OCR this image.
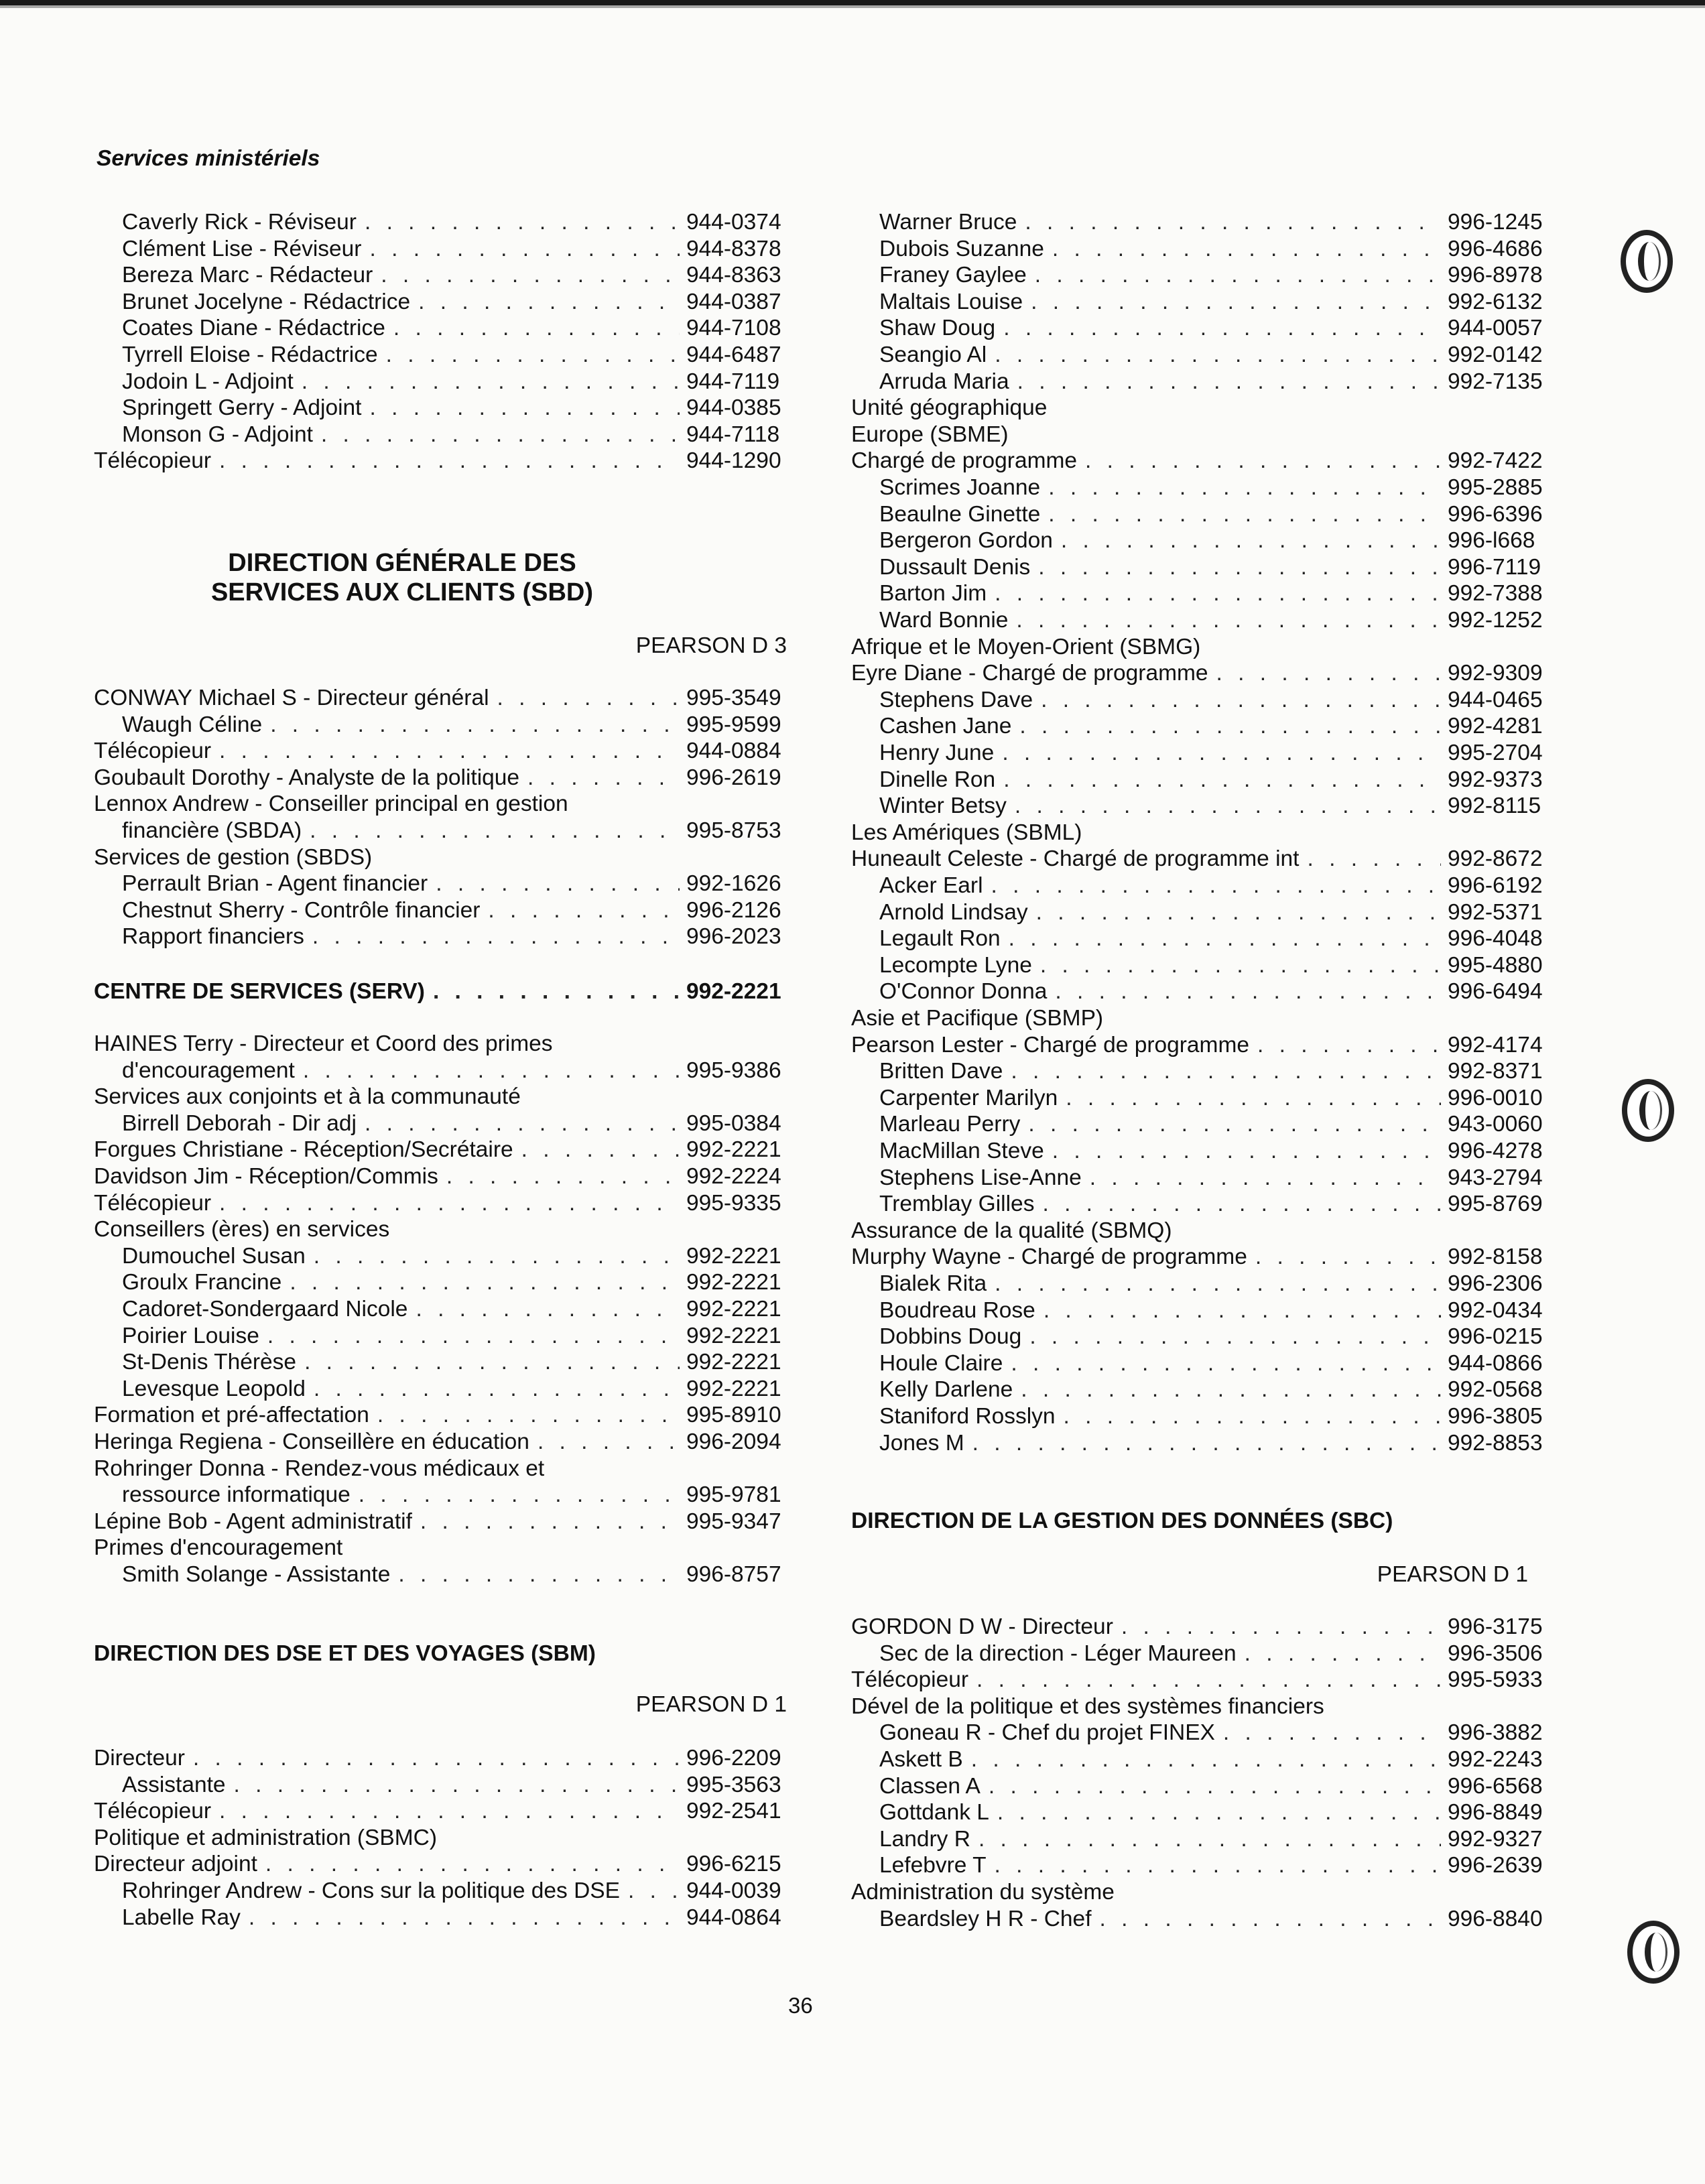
Services ministériels
Caverly Rick - Réviseur . . .	944-0374
Clément Lise - Réviseur . . .	944-8378
Bereza Marc - Rédacteur . . .	944-8363
Brunet Jocelyne - Rédactrice . . .	944-0387
Coates Diane - Rédactrice . . .	944-7108
Tyrrell Eloise - Rédactrice . . .	944-6487
Jodoin L - Adjoint . . .	944-7119
Springett Gerry - Adjoint . . .	944-0385
Monson G - Adjoint . . .	944-7118
Télécopieur . . .	944-1290
DIRECTION GÉNÉRALE DES
SERVICES AUX CLIENTS (SBD)
PEARSON D 3
CONWAY Michael S - Directeur général . . .	995-3549
Waugh Céline . . .	995-9599
Télécopieur . . .	944-0884
Goubault Dorothy - Analyste de la politique . . .	996-2619
Lennox Andrew - Conseiller principal en gestion
financière (SBDA) . . .	995-8753
Services de gestion (SBDS)
Perrault Brian - Agent financier . . .	992-1626
Chestnut Sherry - Contrôle financier . . .	996-2126
Rapport financiers . . .	996-2023
CENTRE DE SERVICES (SERV) . . .	992-2221
HAINES Terry - Directeur et Coord des primes
d'encouragement . . .	995-9386
Services aux conjoints et à la communauté
Birrell Deborah - Dir adj . . .	995-0384
Forgues Christiane - Réception/Secrétaire . . .	992-2221
Davidson Jim - Réception/Commis . . .	992-2224
Télécopieur . . .	995-9335
Conseillers (ères) en services
Dumouchel Susan . . .	992-2221
Groulx Francine . . .	992-2221
Cadoret-Sondergaard Nicole . . .	992-2221
Poirier Louise . . .	992-2221
St-Denis Thérèse . . .	992-2221
Levesque Leopold . . .	992-2221
Formation et pré-affectation . . .	995-8910
Heringa Regiena - Conseillère en éducation . . .	996-2094
Rohringer Donna - Rendez-vous médicaux et
ressource informatique . . .	995-9781
Lépine Bob - Agent administratif . . .	995-9347
Primes d'encouragement
Smith Solange - Assistante . . .	996-8757
DIRECTION DES DSE ET DES VOYAGES (SBM)
PEARSON D 1
Directeur . . .	996-2209
Assistante . . .	995-3563
Télécopieur . . .	992-2541
Politique et administration (SBMC)
Directeur adjoint . . .	996-6215
Rohringer Andrew - Cons sur la politique des DSE . . .	944-0039
Labelle Ray . . .	944-0864
Warner Bruce . . .	996-1245
Dubois Suzanne . . .	996-4686
Franey Gaylee . . .	996-8978
Maltais Louise . . .	992-6132
Shaw Doug . . .	944-0057
Seangio Al . . .	992-0142
Arruda Maria . . .	992-7135
Unité géographique
Europe (SBME)
Chargé de programme . . .	992-7422
Scrimes Joanne . . .	995-2885
Beaulne Ginette . . .	996-6396
Bergeron Gordon . . .	996-l668
Dussault Denis . . .	996-7119
Barton Jim . . .	992-7388
Ward Bonnie . . .	992-1252
Afrique et le Moyen-Orient (SBMG)
Eyre Diane - Chargé de programme . . .	992-9309
Stephens Dave . . .	944-0465
Cashen Jane . . .	992-4281
Henry June . . .	995-2704
Dinelle Ron . . .	992-9373
Winter Betsy . . .	992-8115
Les Amériques (SBML)
Huneault Celeste - Chargé de programme int . . .	992-8672
Acker Earl . . .	996-6192
Arnold Lindsay . . .	992-5371
Legault Ron . . .	996-4048
Lecompte Lyne . . .	995-4880
O'Connor Donna . . .	996-6494
Asie et Pacifique (SBMP)
Pearson Lester - Chargé de programme . . .	992-4174
Britten Dave . . .	992-8371
Carpenter Marilyn . . .	996-0010
Marleau Perry . . .	943-0060
MacMillan Steve . . .	996-4278
Stephens Lise-Anne . . .	943-2794
Tremblay Gilles . . .	995-8769
Assurance de la qualité (SBMQ)
Murphy Wayne - Chargé de programme . . .	992-8158
Bialek Rita . . .	996-2306
Boudreau Rose . . .	992-0434
Dobbins Doug . . .	996-0215
Houle Claire . . .	944-0866
Kelly Darlene . . .	992-0568
Staniford Rosslyn . . .	996-3805
Jones M . . .	992-8853
DIRECTION DE LA GESTION DES DONNÉES (SBC)
PEARSON D 1
GORDON D W - Directeur . . .	996-3175
Sec de la direction - Léger Maureen . . .	996-3506
Télécopieur . . .	995-5933
Dével de la politique et des systèmes financiers
Goneau R - Chef du projet FINEX . . .	996-3882
Askett B . . .	992-2243
Classen A . . .	996-6568
Gottdank L . . .	996-8849
Landry R . . .	992-9327
Lefebvre T . . .	996-2639
Administration du système
Beardsley H R - Chef . . .	996-8840
36
